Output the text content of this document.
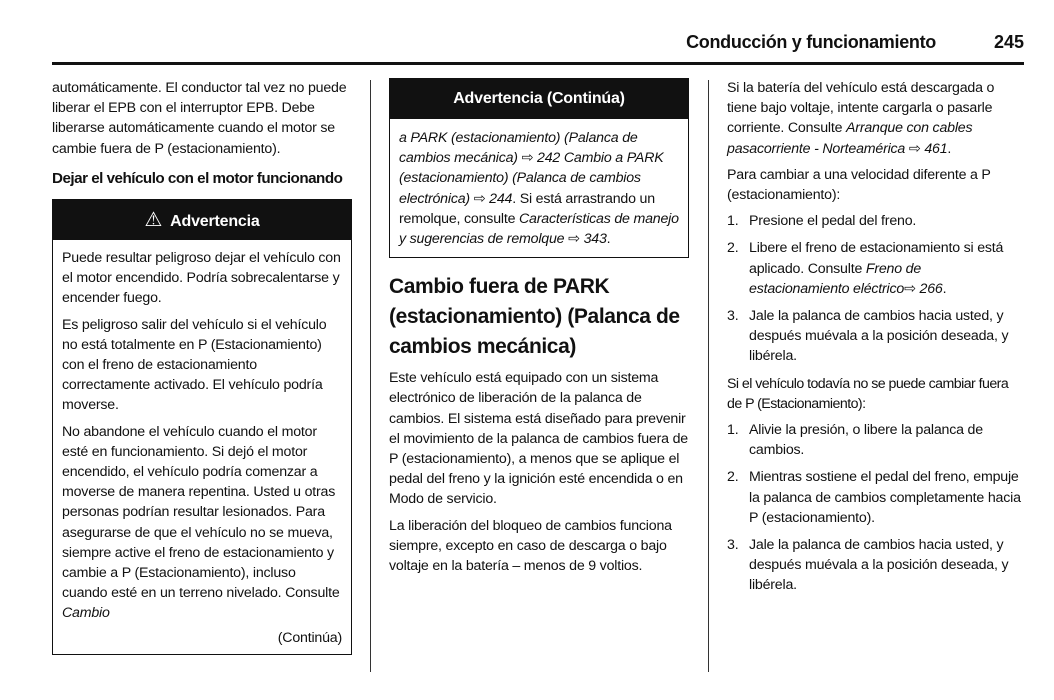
Conducción y funcionamiento	245

automáticamente. El conductor tal vez no puede liberar el EPB con el interruptor EPB. Debe liberarse automáticamente cuando el motor se cambie fuera de P (estacionamiento).

Dejar el vehículo con el motor funcionando
⚠ Advertencia

Puede resultar peligroso dejar el vehículo con el motor encendido. Podría sobrecalentarse y encender fuego.

Es peligroso salir del vehículo si el vehículo no está totalmente en P (Estacionamiento) con el freno de estacionamiento correctamente activado. El vehículo podría moverse.

No abandone el vehículo cuando el motor esté en funcionamiento. Si dejó el motor encendido, el vehículo podría comenzar a moverse de manera repentina. Usted u otras personas podrían resultar lesionados. Para asegurarse de que el vehículo no se mueva, siempre active el freno de estacionamiento y cambie a P (Estacionamiento), incluso cuando esté en un terreno nivelado. Consulte Cambio

(Continúa)
Advertencia (Continúa)
a PARK (estacionamiento) (Palanca de cambios mecánica) ⇨ 242 Cambio a PARK (estacionamiento) (Palanca de cambios electrónica) ⇨ 244. Si está arrastrando un remolque, consulte Características de manejo y sugerencias de remolque ⇨ 343.
Cambio fuera de PARK (estacionamiento) (Palanca de cambios mecánica)

Este vehículo está equipado con un sistema electrónico de liberación de la palanca de cambios. El sistema está diseñado para prevenir el movimiento de la palanca de cambios fuera de P (estacionamiento), a menos que se aplique el pedal del freno y la ignición esté encendida o en Modo de servicio.

La liberación del bloqueo de cambios funciona siempre, excepto en caso de descarga o bajo voltaje en la batería – menos de 9 voltios.

Si la batería del vehículo está descargada o tiene bajo voltaje, intente cargarla o pasarle corriente. Consulte Arranque con cables pasacorriente - Norteamérica ⇨ 461.

Para cambiar a una velocidad diferente a P (estacionamiento):

1. Presione el pedal del freno.
2. Libere el freno de estacionamiento si está aplicado. Consulte Freno de estacionamiento eléctrico⇨ 266.
3. Jale la palanca de cambios hacia usted, y después muévala a la posición deseada, y libérela.

Si el vehículo todavía no se puede cambiar fuera de P (Estacionamiento):

1. Alivie la presión, o libere la palanca de cambios.
2. Mientras sostiene el pedal del freno, empuje la palanca de cambios completamente hacia P (estacionamiento).
3. Jale la palanca de cambios hacia usted, y después muévala a la posición deseada, y libérela.
